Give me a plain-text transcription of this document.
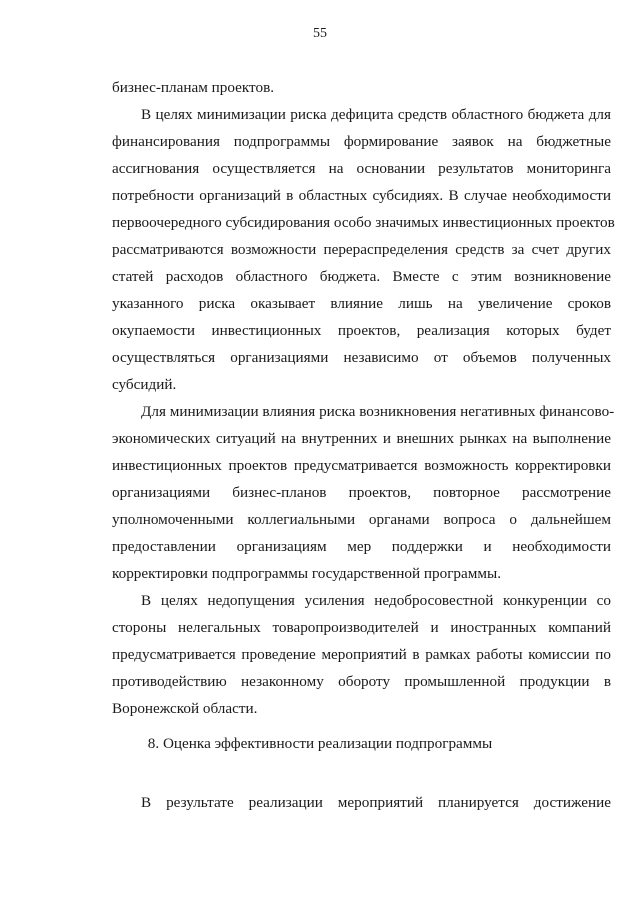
55
бизнес-планам проектов.
В целях минимизации риска дефицита средств областного бюджета для
финансирования подпрограммы формирование заявок на бюджетные
ассигнования осуществляется на основании результатов мониторинга
потребности организаций в областных субсидиях. В случае необходимости
первоочередного субсидирования особо значимых инвестиционных проектов
рассматриваются возможности перераспределения средств за счет других
статей расходов областного бюджета. Вместе с этим возникновение
указанного риска оказывает влияние лишь на увеличение сроков
окупаемости инвестиционных проектов, реализация которых будет
осуществляться организациями независимо от объемов полученных
субсидий.
Для минимизации влияния риска возникновения негативных финансово-
экономических ситуаций на внутренних и внешних рынках на выполнение
инвестиционных проектов предусматривается возможность корректировки
организациями бизнес-планов проектов, повторное рассмотрение
уполномоченными коллегиальными органами вопроса о дальнейшем
предоставлении организациям мер поддержки и необходимости
корректировки подпрограммы государственной программы.
В целях недопущения усиления недобросовестной конкуренции со
стороны нелегальных товаропроизводителей и иностранных компаний
предусматривается проведение мероприятий в рамках работы комиссии по
противодействию незаконному обороту промышленной продукции в
Воронежской области.
8. Оценка эффективности реализации подпрограммы
В результате реализации мероприятий планируется достижение
